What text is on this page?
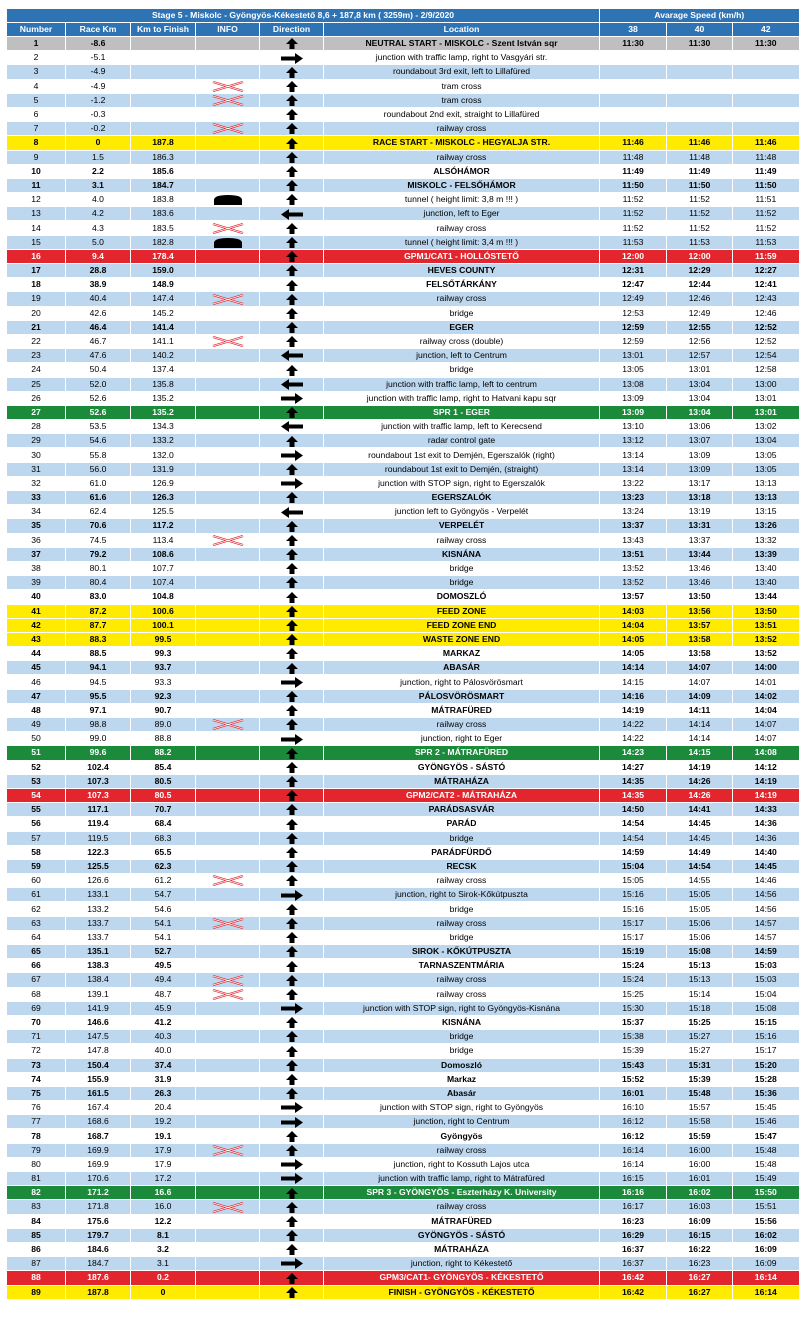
Stage 5 - Miskolc - Gyöngyös-Kékestető 8,6 + 187,8 km ( 3259m) - 2/9/2020						Avarage Speed (km/h)		
Number	Race Km	Km to Finish	INFO	Direction	Location	38	40	42
1	-8.6				NEUTRAL START - MISKOLC - Szent István sqr	11:30	11:30	11:30
2	-5.1				junction with traffic lamp, right to Vasgyári str.			
3	-4.9				roundabout 3rd exit, left to Lillafüred			
4	-4.9				tram cross			
5	-1.2				tram cross			
6	-0.3				roundabout 2nd exit, straight to Lillafüred			
7	-0.2				railway cross			
8	0	187.8			RACE START - MISKOLC - HEGYALJA STR.	11:46	11:46	11:46
9	1.5	186.3			railway cross	11:48	11:48	11:48
10	2.2	185.6			ALSÓHÁMOR	11:49	11:49	11:49
11	3.1	184.7			MISKOLC - FELSŐHÁMOR	11:50	11:50	11:50
12	4.0	183.8			tunnel ( height limit: 3,8 m !!! )	11:52	11:52	11:51
13	4.2	183.6			junction, left to Eger	11:52	11:52	11:52
14	4.3	183.5			railway cross	11:52	11:52	11:52
15	5.0	182.8			tunnel ( height limit: 3,4 m !!! )	11:53	11:53	11:53
16	9.4	178.4			GPM1/CAT1 - HOLLÓSTETŐ	12:00	12:00	11:59
17	28.8	159.0			HEVES COUNTY	12:31	12:29	12:27
18	38.9	148.9			FELSŐTÁRKÁNY	12:47	12:44	12:41
19	40.4	147.4			railway cross	12:49	12:46	12:43
20	42.6	145.2			bridge	12:53	12:49	12:46
21	46.4	141.4			EGER	12:59	12:55	12:52
22	46.7	141.1			railway cross (double)	12:59	12:56	12:52
23	47.6	140.2			junction, left to Centrum	13:01	12:57	12:54
24	50.4	137.4			bridge	13:05	13:01	12:58
25	52.0	135.8			junction with traffic lamp, left to centrum	13:08	13:04	13:00
26	52.6	135.2			junction with traffic lamp, right to Hatvani kapu sqr	13:09	13:04	13:01
27	52.6	135.2			SPR 1 - EGER	13:09	13:04	13:01
28	53.5	134.3			junction with traffic lamp, left to Kerecsend	13:10	13:06	13:02
29	54.6	133.2			radar control gate	13:12	13:07	13:04
30	55.8	132.0			roundabout 1st exit to Demjén, Egerszalók (right)	13:14	13:09	13:05
31	56.0	131.9			roundabout 1st exit to Demjén, (straight)	13:14	13:09	13:05
32	61.0	126.9			junction with STOP sign, right to Egerszalók	13:22	13:17	13:13
33	61.6	126.3			EGERSZALÓK	13:23	13:18	13:13
34	62.4	125.5			junction left to Gyöngyös - Verpelét	13:24	13:19	13:15
35	70.6	117.2			VERPELÉT	13:37	13:31	13:26
36	74.5	113.4			railway cross	13:43	13:37	13:32
37	79.2	108.6			KISNÁNA	13:51	13:44	13:39
38	80.1	107.7			bridge	13:52	13:46	13:40
39	80.4	107.4			bridge	13:52	13:46	13:40
40	83.0	104.8			DOMOSZLÓ	13:57	13:50	13:44
41	87.2	100.6			FEED ZONE	14:03	13:56	13:50
42	87.7	100.1			FEED ZONE END	14:04	13:57	13:51
43	88.3	99.5			WASTE ZONE END	14:05	13:58	13:52
44	88.5	99.3			MARKAZ	14:05	13:58	13:52
45	94.1	93.7			ABASÁR	14:14	14:07	14:00
46	94.5	93.3			junction, right to Pálosvörösmart	14:15	14:07	14:01
47	95.5	92.3			PÁLOSVÖRÖSMART	14:16	14:09	14:02
48	97.1	90.7			MÁTRAFÜRED	14:19	14:11	14:04
49	98.8	89.0			railway cross	14:22	14:14	14:07
50	99.0	88.8			junction, right to Eger	14:22	14:14	14:07
51	99.6	88.2			SPR 2 - MÁTRAFÜRED	14:23	14:15	14:08
52	102.4	85.4			GYÖNGYÖS - SÁSTÓ	14:27	14:19	14:12
53	107.3	80.5			MÁTRAHÁZA	14:35	14:26	14:19
54	107.3	80.5			GPM2/CAT2 - MÁTRAHÁZA	14:35	14:26	14:19
55	117.1	70.7			PARÁDSASVÁR	14:50	14:41	14:33
56	119.4	68.4			PARÁD	14:54	14:45	14:36
57	119.5	68.3			bridge	14:54	14:45	14:36
58	122.3	65.5			PARÁDFÜRDŐ	14:59	14:49	14:40
59	125.5	62.3			RECSK	15:04	14:54	14:45
60	126.6	61.2			railway cross	15:05	14:55	14:46
61	133.1	54.7			junction, right to Sirok-Kőkútpuszta	15:16	15:05	14:56
62	133.2	54.6			bridge	15:16	15:05	14:56
63	133.7	54.1			railway cross	15:17	15:06	14:57
64	133.7	54.1			bridge	15:17	15:06	14:57
65	135.1	52.7			SIROK - KŐKÚTPUSZTA	15:19	15:08	14:59
66	138.3	49.5			TARNASZENTMÁRIA	15:24	15:13	15:03
67	138.4	49.4			railway cross	15:24	15:13	15:03
68	139.1	48.7			railway cross	15:25	15:14	15:04
69	141.9	45.9			junction with STOP sign, right to Gyöngyös-Kisnána	15:30	15:18	15:08
70	146.6	41.2			KISNÁNA	15:37	15:25	15:15
71	147.5	40.3			bridge	15:38	15:27	15:16
72	147.8	40.0			bridge	15:39	15:27	15:17
73	150.4	37.4			Domoszló	15:43	15:31	15:20
74	155.9	31.9			Markaz	15:52	15:39	15:28
75	161.5	26.3			Abasár	16:01	15:48	15:36
76	167.4	20.4			junction with STOP sign, right to Gyöngyös	16:10	15:57	15:45
77	168.6	19.2			junction, right to Centrum	16:12	15:58	15:46
78	168.7	19.1			Gyöngyös	16:12	15:59	15:47
79	169.9	17.9			railway cross	16:14	16:00	15:48
80	169.9	17.9			junction, right to Kossuth Lajos utca	16:14	16:00	15:48
81	170.6	17.2			junction with traffic lamp, right to Mátrafüred	16:15	16:01	15:49
82	171.2	16.6			SPR 3 - GYÖNGYÖS - Eszterházy K. University	16:16	16:02	15:50
83	171.8	16.0			railway cross	16:17	16:03	15:51
84	175.6	12.2			MÁTRAFÜRED	16:23	16:09	15:56
85	179.7	8.1			GYÖNGYÖS - SÁSTÓ	16:29	16:15	16:02
86	184.6	3.2			MÁTRAHÁZA	16:37	16:22	16:09
87	184.7	3.1			junction, right to Kékestető	16:37	16:23	16:09
88	187.6	0.2			GPM3/CAT1- GYÖNGYÖS - KÉKESTETŐ	16:42	16:27	16:14
89	187.8	0			FINISH - GYÖNGYÖS - KÉKESTETŐ	16:42	16:27	16:14
